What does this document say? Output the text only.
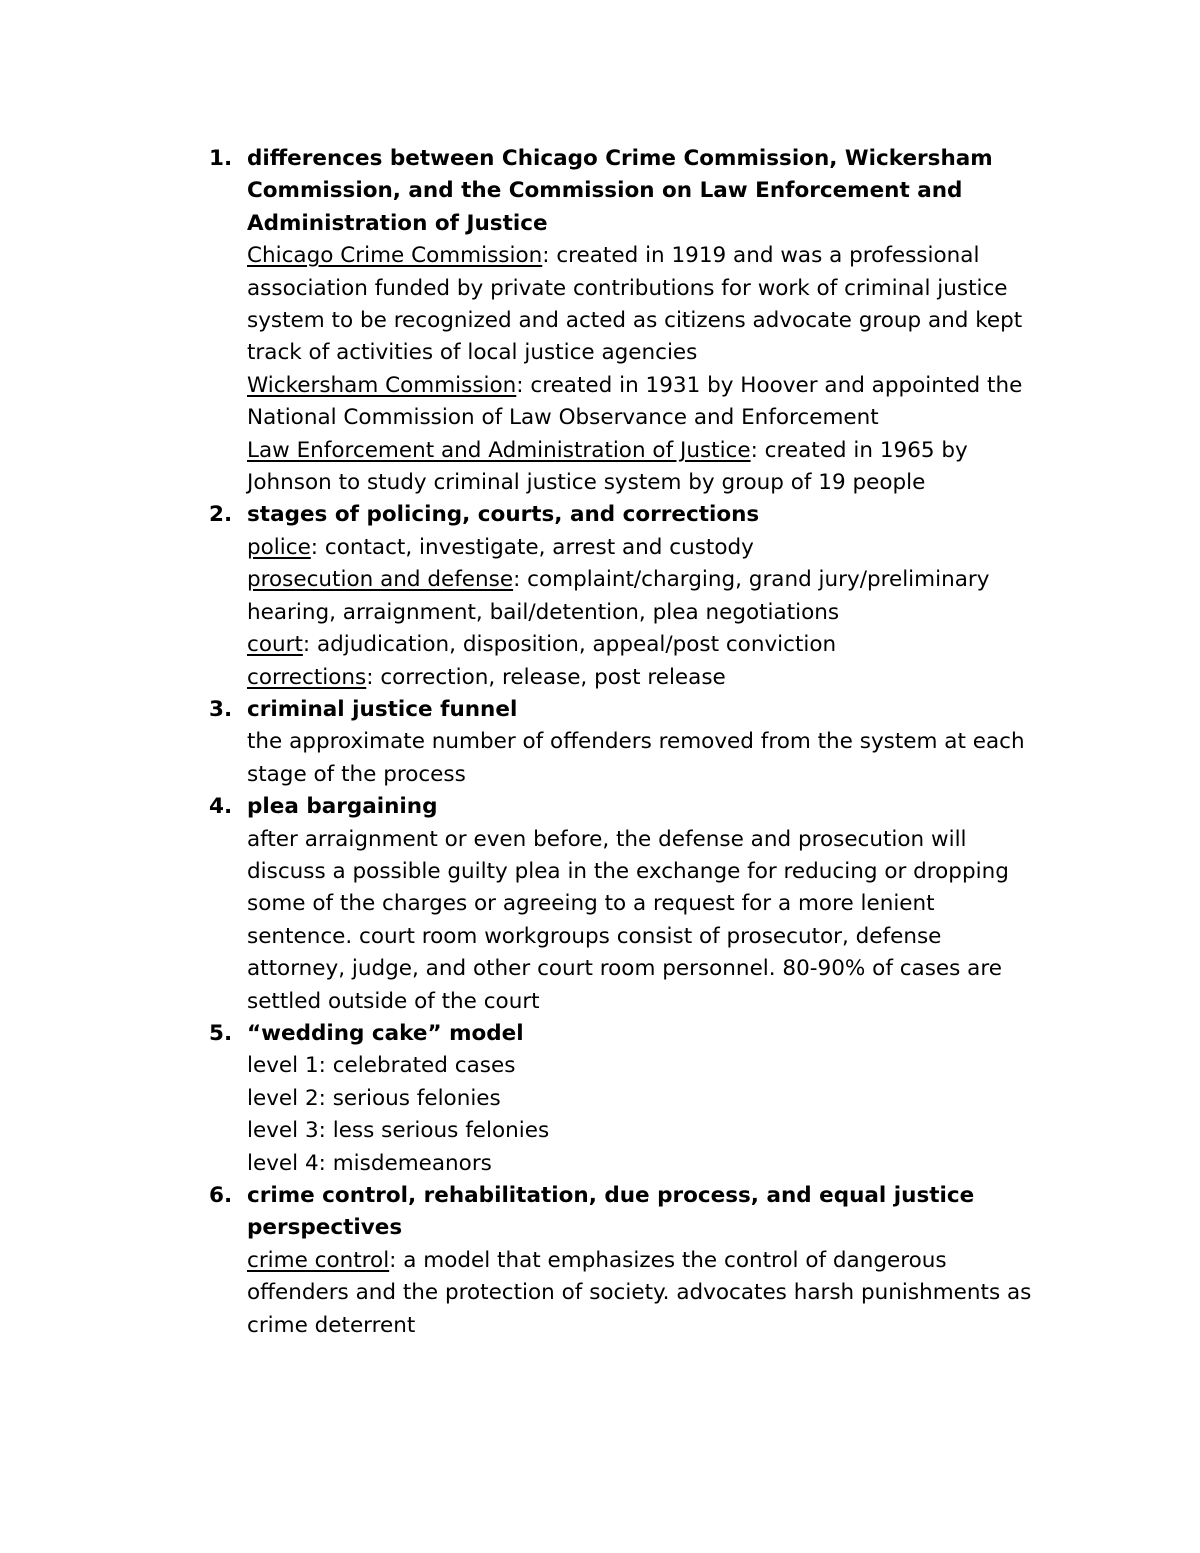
1. differences between Chicago Crime Commission, Wickersham Commission, and the Commission on Law Enforcement and Administration of Justice
Chicago Crime Commission: created in 1919 and was a professional association funded by private contributions for work of criminal justice system to be recognized and acted as citizens advocate group and kept track of activities of local justice agencies
Wickersham Commission: created in 1931 by Hoover and appointed the National Commission of Law Observance and Enforcement
Law Enforcement and Administration of Justice: created in 1965 by Johnson to study criminal justice system by group of 19 people
2. stages of policing, courts, and corrections
police: contact, investigate, arrest and custody
prosecution and defense: complaint/charging, grand jury/preliminary hearing, arraignment, bail/detention, plea negotiations
court: adjudication, disposition, appeal/post conviction
corrections: correction, release, post release
3. criminal justice funnel
the approximate number of offenders removed from the system at each stage of the process
4. plea bargaining
after arraignment or even before, the defense and prosecution will discuss a possible guilty plea in the exchange for reducing or dropping some of the charges or agreeing to a request for a more lenient sentence. court room workgroups consist of prosecutor, defense attorney, judge, and other court room personnel. 80-90% of cases are settled outside of the court
5. “wedding cake” model
level 1: celebrated cases
level 2: serious felonies
level 3: less serious felonies
level 4: misdemeanors
6. crime control, rehabilitation, due process, and equal justice perspectives
crime control: a model that emphasizes the control of dangerous offenders and the protection of society. advocates harsh punishments as crime deterrent
